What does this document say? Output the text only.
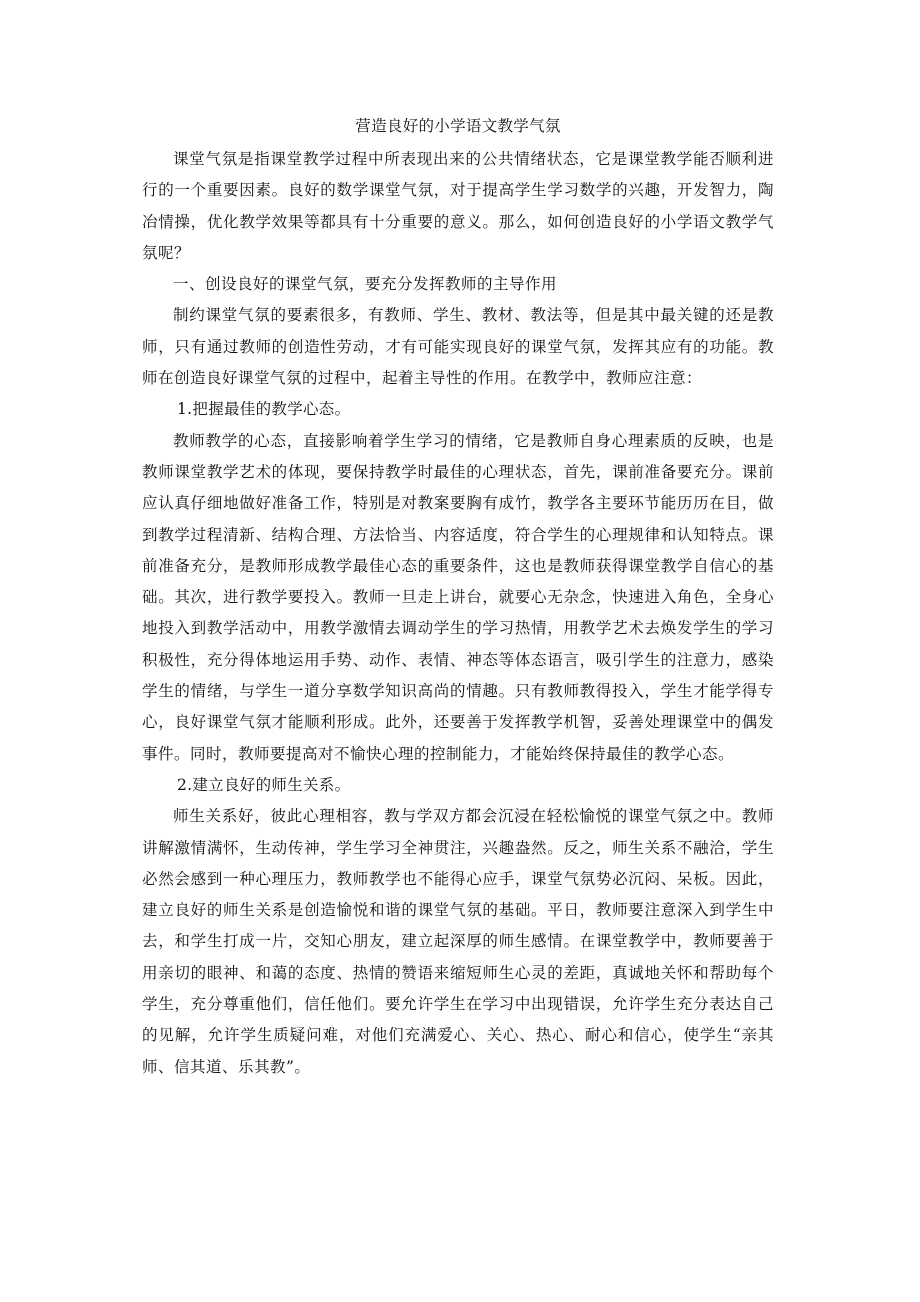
营造良好的小学语文教学气氛

课堂气氛是指课堂教学过程中所表现出来的公共情绪状态，它是课堂教学能否顺利进行的一个重要因素。良好的数学课堂气氛，对于提高学生学习数学的兴趣，开发智力，陶冶情操，优化教学效果等都具有十分重要的意义。那么，如何创造良好的小学语文教学气氛呢？

一、创设良好的课堂气氛，要充分发挥教师的主导作用

制约课堂气氛的要素很多，有教师、学生、教材、教法等，但是其中最关键的还是教师，只有通过教师的创造性劳动，才有可能实现良好的课堂气氛，发挥其应有的功能。教师在创造良好课堂气氛的过程中，起着主导性的作用。在教学中，教师应注意：

1.把握最佳的教学心态。

教师教学的心态，直接影响着学生学习的情绪，它是教师自身心理素质的反映，也是教师课堂教学艺术的体现，要保持教学时最佳的心理状态，首先，课前准备要充分。课前应认真仔细地做好准备工作，特别是对教案要胸有成竹，教学各主要环节能历历在目，做到教学过程清新、结构合理、方法恰当、内容适度，符合学生的心理规律和认知特点。课前准备充分，是教师形成教学最佳心态的重要条件，这也是教师获得课堂教学自信心的基础。其次，进行教学要投入。教师一旦走上讲台，就要心无杂念，快速进入角色，全身心地投入到教学活动中，用教学激情去调动学生的学习热情，用教学艺术去焕发学生的学习积极性，充分得体地运用手势、动作、表情、神态等体态语言，吸引学生的注意力，感染学生的情绪，与学生一道分享数学知识高尚的情趣。只有教师教得投入，学生才能学得专心，良好课堂气氛才能顺利形成。此外，还要善于发挥教学机智，妥善处理课堂中的偶发事件。同时，教师要提高对不愉快心理的控制能力，才能始终保持最佳的教学心态。

2.建立良好的师生关系。

师生关系好，彼此心理相容，教与学双方都会沉浸在轻松愉悦的课堂气氛之中。教师讲解激情满怀，生动传神，学生学习全神贯注，兴趣盎然。反之，师生关系不融洽，学生必然会感到一种心理压力，教师教学也不能得心应手，课堂气氛势必沉闷、呆板。因此，建立良好的师生关系是创造愉悦和谐的课堂气氛的基础。平日，教师要注意深入到学生中去，和学生打成一片，交知心朋友，建立起深厚的师生感情。在课堂教学中，教师要善于用亲切的眼神、和蔼的态度、热情的赞语来缩短师生心灵的差距，真诚地关怀和帮助每个学生，充分尊重他们，信任他们。要允许学生在学习中出现错误，允许学生充分表达自己的见解，允许学生质疑问难，对他们充满爱心、关心、热心、耐心和信心，使学生“亲其师、信其道、乐其教”。
